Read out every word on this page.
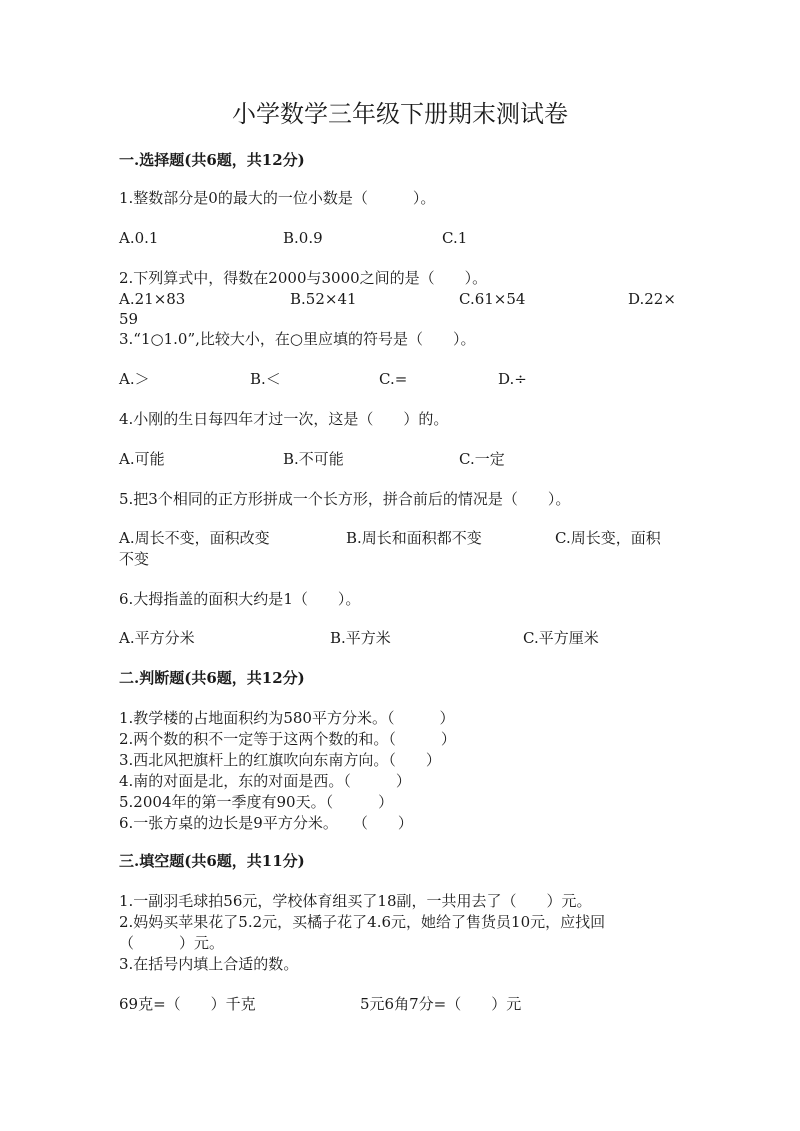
小学数学三年级下册期末测试卷
一.选择题(共6题，共12分)
1.整数部分是0的最大的一位小数是（　　　）。
A.0.1	B.0.9	C.1
2.下列算式中，得数在2000与3000之间的是（　　）。
A.21×83	B.52×41	C.61×54	D.22×
59
3.“1○1.0”,比较大小，在○里应填的符号是（　　）。
A.＞	B.＜	C.=	D.÷
4.小刚的生日每四年才过一次，这是（　　）的。
A.可能	B.不可能	C.一定
5.把3个相同的正方形拼成一个长方形，拼合前后的情况是（　　）。
A.周长不变，面积改变	B.周长和面积都不变	C.周长变，面积
不变
6.大拇指盖的面积大约是1（　　）。
A.平方分米	B.平方米	C.平方厘米
二.判断题(共6题，共12分)
1.教学楼的占地面积约为580平方分米。（　　　）
2.两个数的积不一定等于这两个数的和。（　　　）
3.西北风把旗杆上的红旗吹向东南方向。（　　）
4.南的对面是北，东的对面是西。（　　　）
5.2004年的第一季度有90天。（　　　）
6.一张方桌的边长是9平方分米。　　（　　）
三.填空题(共6题，共11分)
1.一副羽毛球拍56元，学校体育组买了18副，一共用去了（　　）元。
2.妈妈买苹果花了5.2元，买橘子花了4.6元，她给了售货员10元，应找回
（　　　）元。
3.在括号内填上合适的数。
69克=（　　）千克	5元6角7分=（　　）元
